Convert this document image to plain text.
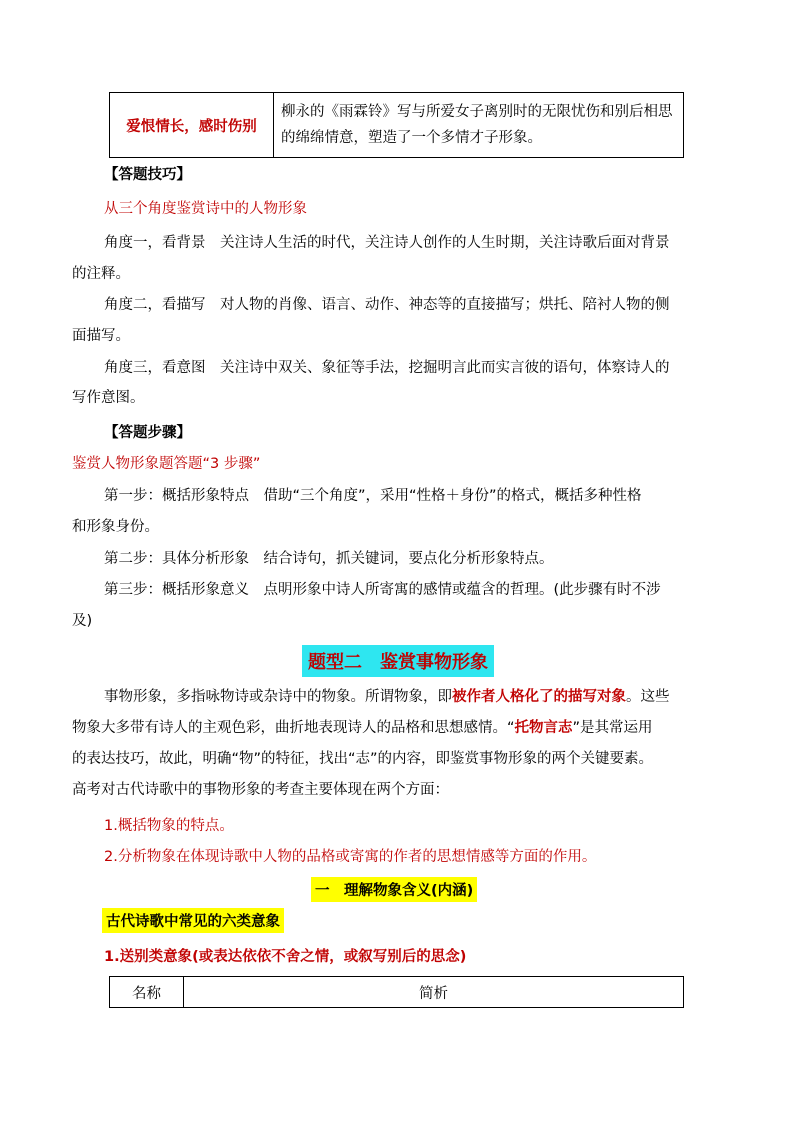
爱恨情长，感时伤别
柳永的《雨霖铃》写与所爱女子离别时的无限忧伤和别后相思的绵绵情意，塑造了一个多情才子形象。
【答题技巧】
从三个角度鉴赏诗中的人物形象
角度一，看背景　关注诗人生活的时代，关注诗人创作的人生时期，关注诗歌后面对背景
的注释。
角度二，看描写　对人物的肖像、语言、动作、神态等的直接描写；烘托、陪衬人物的侧
面描写。
角度三，看意图　关注诗中双关、象征等手法，挖掘明言此而实言彼的语句，体察诗人的
写作意图。
【答题步骤】
鉴赏人物形象题答题“3 步骤”
第一步：概括形象特点　借助“三个角度”，采用“性格＋身份”的格式，概括多种性格
和形象身份。
第二步：具体分析形象　结合诗句，抓关键词，要点化分析形象特点。
第三步：概括形象意义　点明形象中诗人所寄寓的感情或蕴含的哲理。(此步骤有时不涉
及)
题型二　鉴赏事物形象
事物形象，多指咏物诗或杂诗中的物象。所谓物象，即被作者人格化了的描写对象。这些
物象大多带有诗人的主观色彩，曲折地表现诗人的品格和思想感情。“托物言志”是其常运用
的表达技巧，故此，明确“物”的特征，找出“志”的内容，即鉴赏事物形象的两个关键要素。
高考对古代诗歌中的事物形象的考查主要体现在两个方面：
1.概括物象的特点。
2.分析物象在体现诗歌中人物的品格或寄寓的作者的思想情感等方面的作用。
一　理解物象含义(内涵)
古代诗歌中常见的六类意象
1.送别类意象(或表达依依不舍之情，或叙写别后的思念)
名称	简析
